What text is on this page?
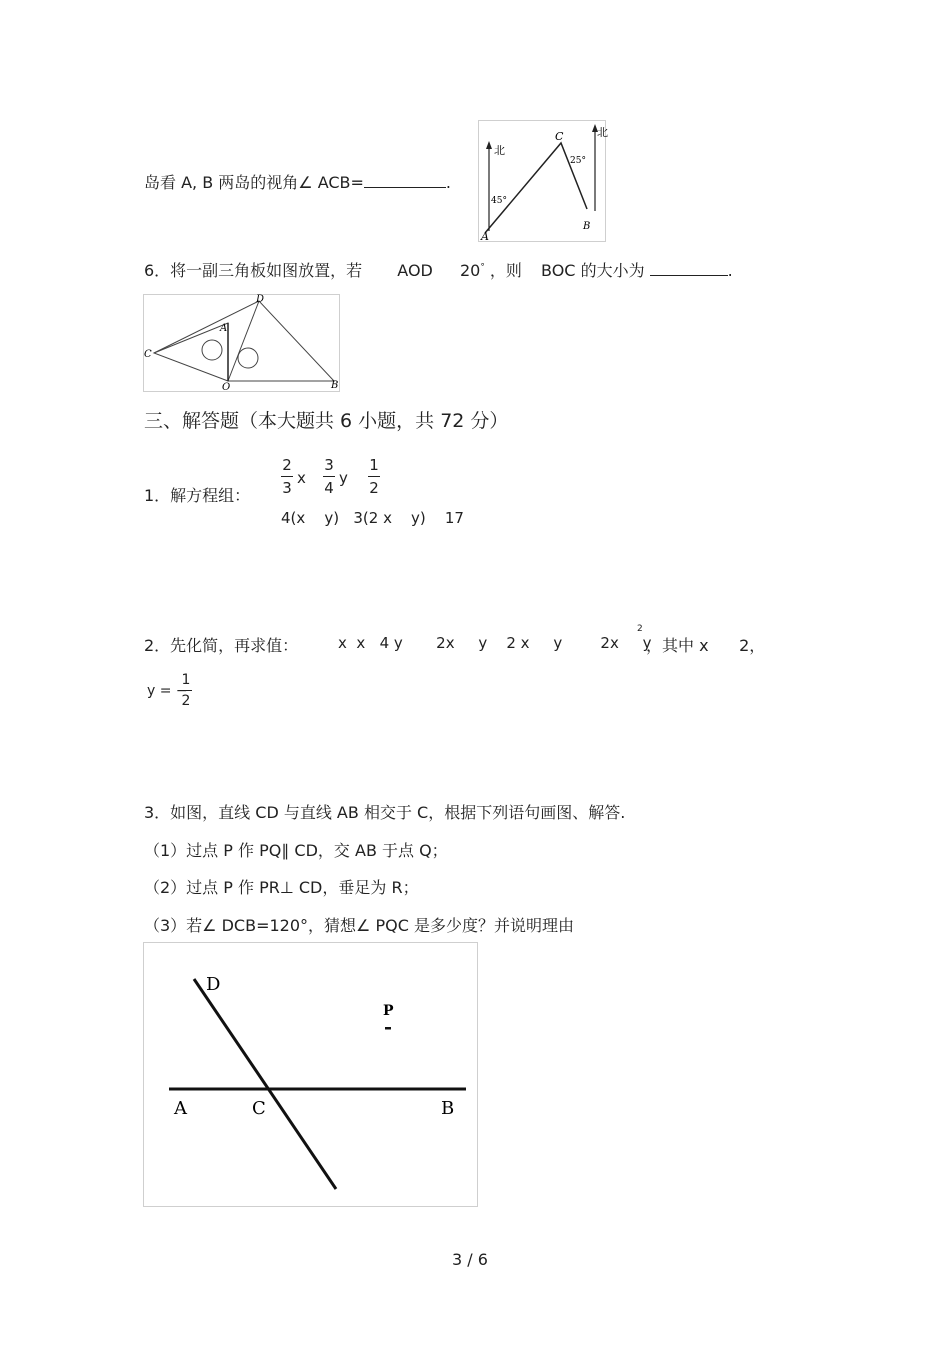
岛看 A, B 两岛的视角∠ ACB=	.
北
北
C
A
B
45°
25°
6．将一副三角板如图放置，若 AOD 20° ，则 BOC 的大小为	.
C
D
A
O	B
三、解答题（本大题共 6 小题，共 72 分）
1．解方程组：
2
3
x
3
4
y
1
2
4(x    y)   3(2 x    y)    17
2．先化简，再求值：	x  x   4 y       2x     y    2 x     y        2x     y
2
，其中 x      2，
y = −
1
2
3．如图，直线 CD 与直线 AB 相交于 C，根据下列语句画图、解答.
（1）过点 P 作 PQ∥ CD，交 AB 于点 Q；
（2）过点 P 作 PR⊥ CD，垂足为 R；
（3）若∠ DCB=120°，猜想∠ PQC 是多少度？并说明理由
D
P
A	C	B
3 / 6
